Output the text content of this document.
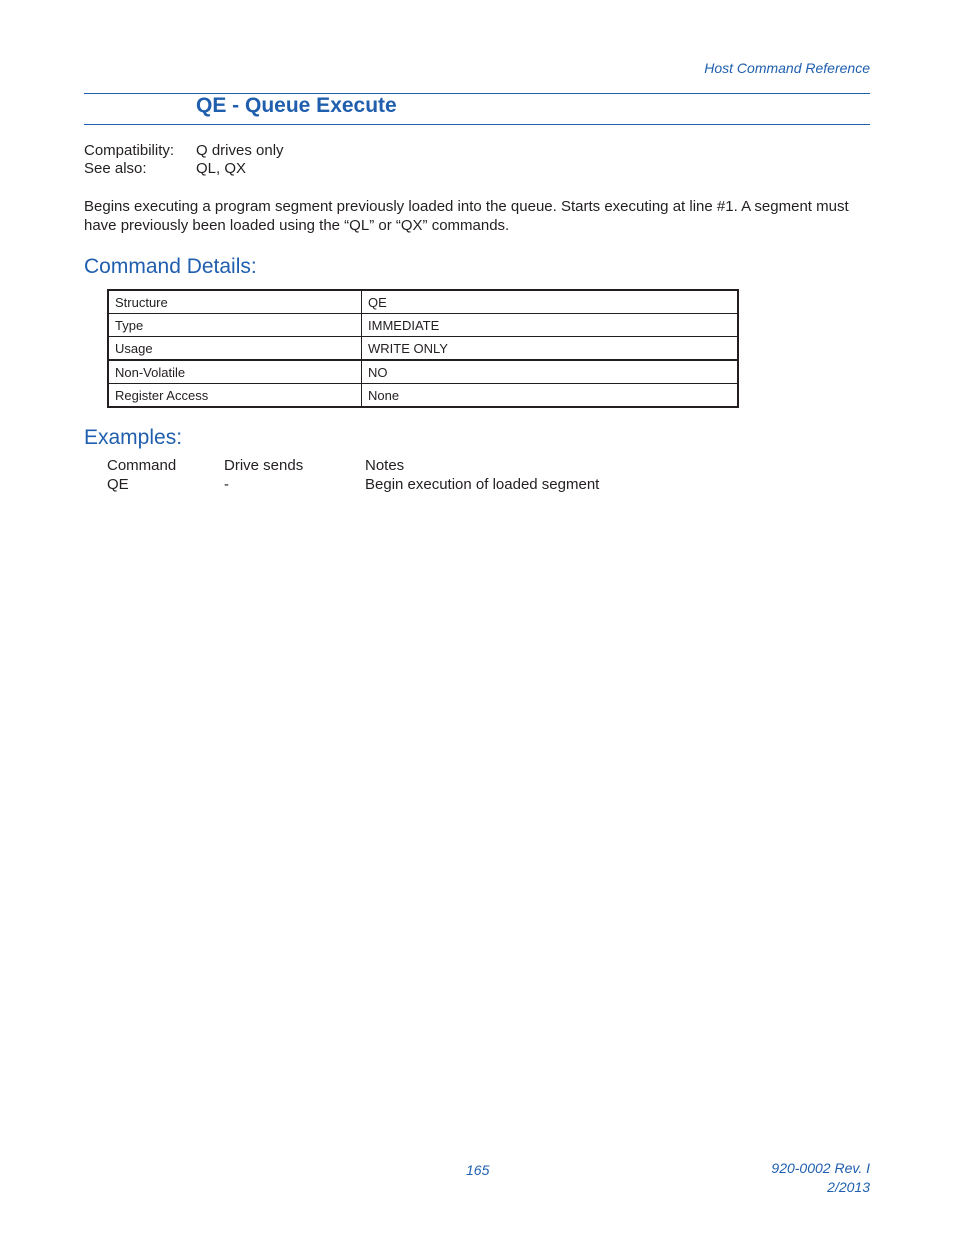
Host Command Reference
QE - Queue Execute
Compatibility: Q drives only
See also:	QL, QX
Begins executing a program segment previously loaded into the queue. Starts executing at line #1. A segment must have previously been loaded using the “QL” or “QX” commands.
Command Details:
Structure	QE
Type	IMMEDIATE
Usage	WRITE ONLY
Non-Volatile	NO
Register Access	None
Examples:
Command	Drive sends	Notes
QE	-	Begin execution of loaded segment
165	920-0002 Rev. I
2/2013
